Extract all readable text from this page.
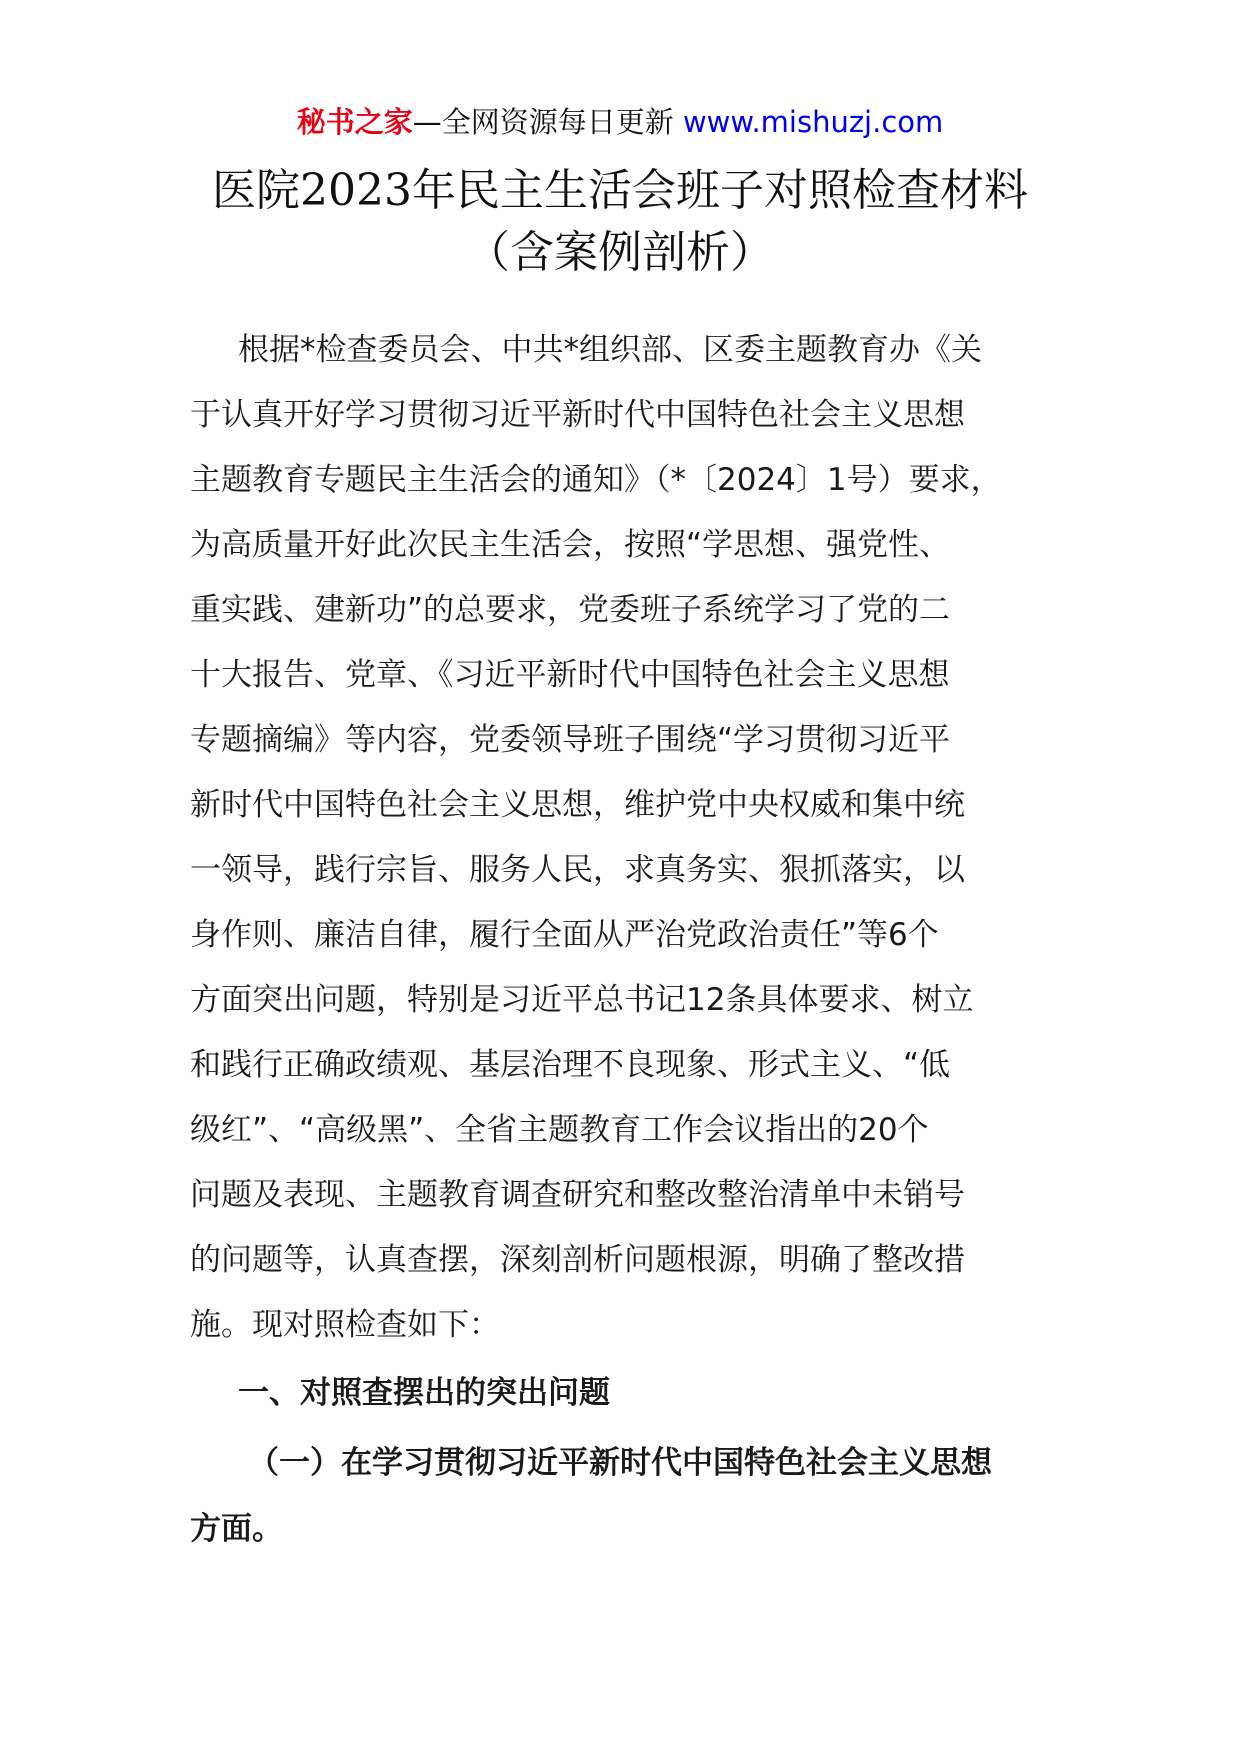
秘书之家—全网资源每日更新 www.mishuzj.com
医院2023年民主生活会班子对照检查材料
（含案例剖析）
根据*检查委员会、中共*组织部、区委主题教育办《关
于认真开好学习贯彻习近平新时代中国特色社会主义思想
主题教育专题民主生活会的通知》（*〔2024〕1号）要求，
为高质量开好此次民主生活会，按照“学思想、强党性、
重实践、建新功”的总要求，党委班子系统学习了党的二
十大报告、党章、《习近平新时代中国特色社会主义思想
专题摘编》等内容，党委领导班子围绕“学习贯彻习近平
新时代中国特色社会主义思想，维护党中央权威和集中统
一领导，践行宗旨、服务人民，求真务实、狠抓落实，以
身作则、廉洁自律，履行全面从严治党政治责任”等6个
方面突出问题，特别是习近平总书记12条具体要求、树立
和践行正确政绩观、基层治理不良现象、形式主义、“低
级红”、“高级黑”、全省主题教育工作会议指出的20个
问题及表现、主题教育调查研究和整改整治清单中未销号
的问题等，认真查摆，深刻剖析问题根源，明确了整改措
施。现对照检查如下：
一、对照查摆出的突出问题
（一）在学习贯彻习近平新时代中国特色社会主义思想
方面。
